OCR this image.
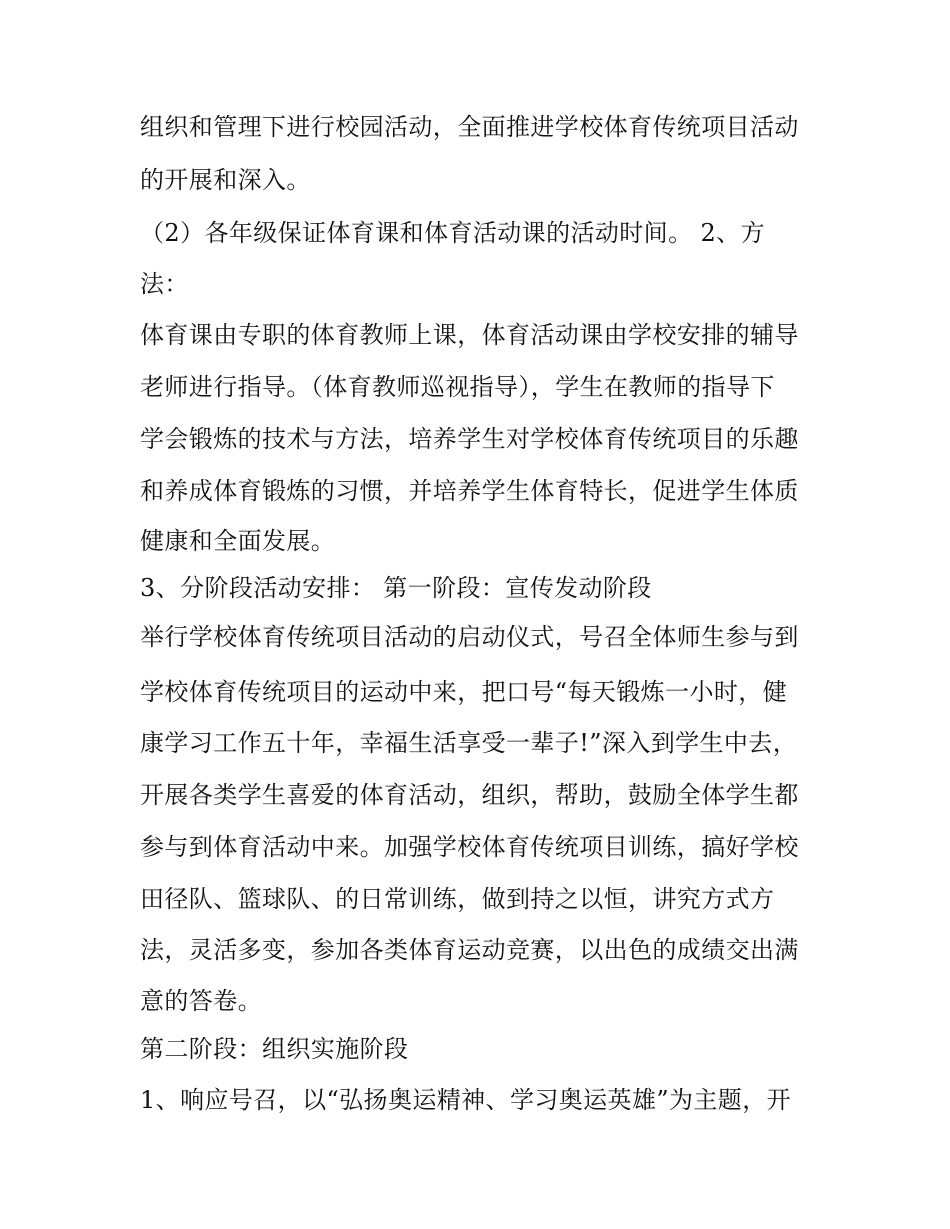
组织和管理下进行校园活动，全面推进学校体育传统项目活动
的开展和深入。
（2）各年级保证体育课和体育活动课的活动时间。 2、方
法：
体育课由专职的体育教师上课，体育活动课由学校安排的辅导
老师进行指导。（体育教师巡视指导），学生在教师的指导下
学会锻炼的技术与方法，培养学生对学校体育传统项目的乐趣
和养成体育锻炼的习惯，并培养学生体育特长，促进学生体质
健康和全面发展。
3、分阶段活动安排： 第一阶段：宣传发动阶段
举行学校体育传统项目活动的启动仪式，号召全体师生参与到
学校体育传统项目的运动中来，把口号“每天锻炼一小时，健
康学习工作五十年，幸福生活享受一辈子!”深入到学生中去，
开展各类学生喜爱的体育活动，组织，帮助，鼓励全体学生都
参与到体育活动中来。加强学校体育传统项目训练，搞好学校
田径队、篮球队、的日常训练，做到持之以恒，讲究方式方
法，灵活多变，参加各类体育运动竞赛，以出色的成绩交出满
意的答卷。
第二阶段：组织实施阶段
1、响应号召，以“弘扬奥运精神、学习奥运英雄”为主题，开
